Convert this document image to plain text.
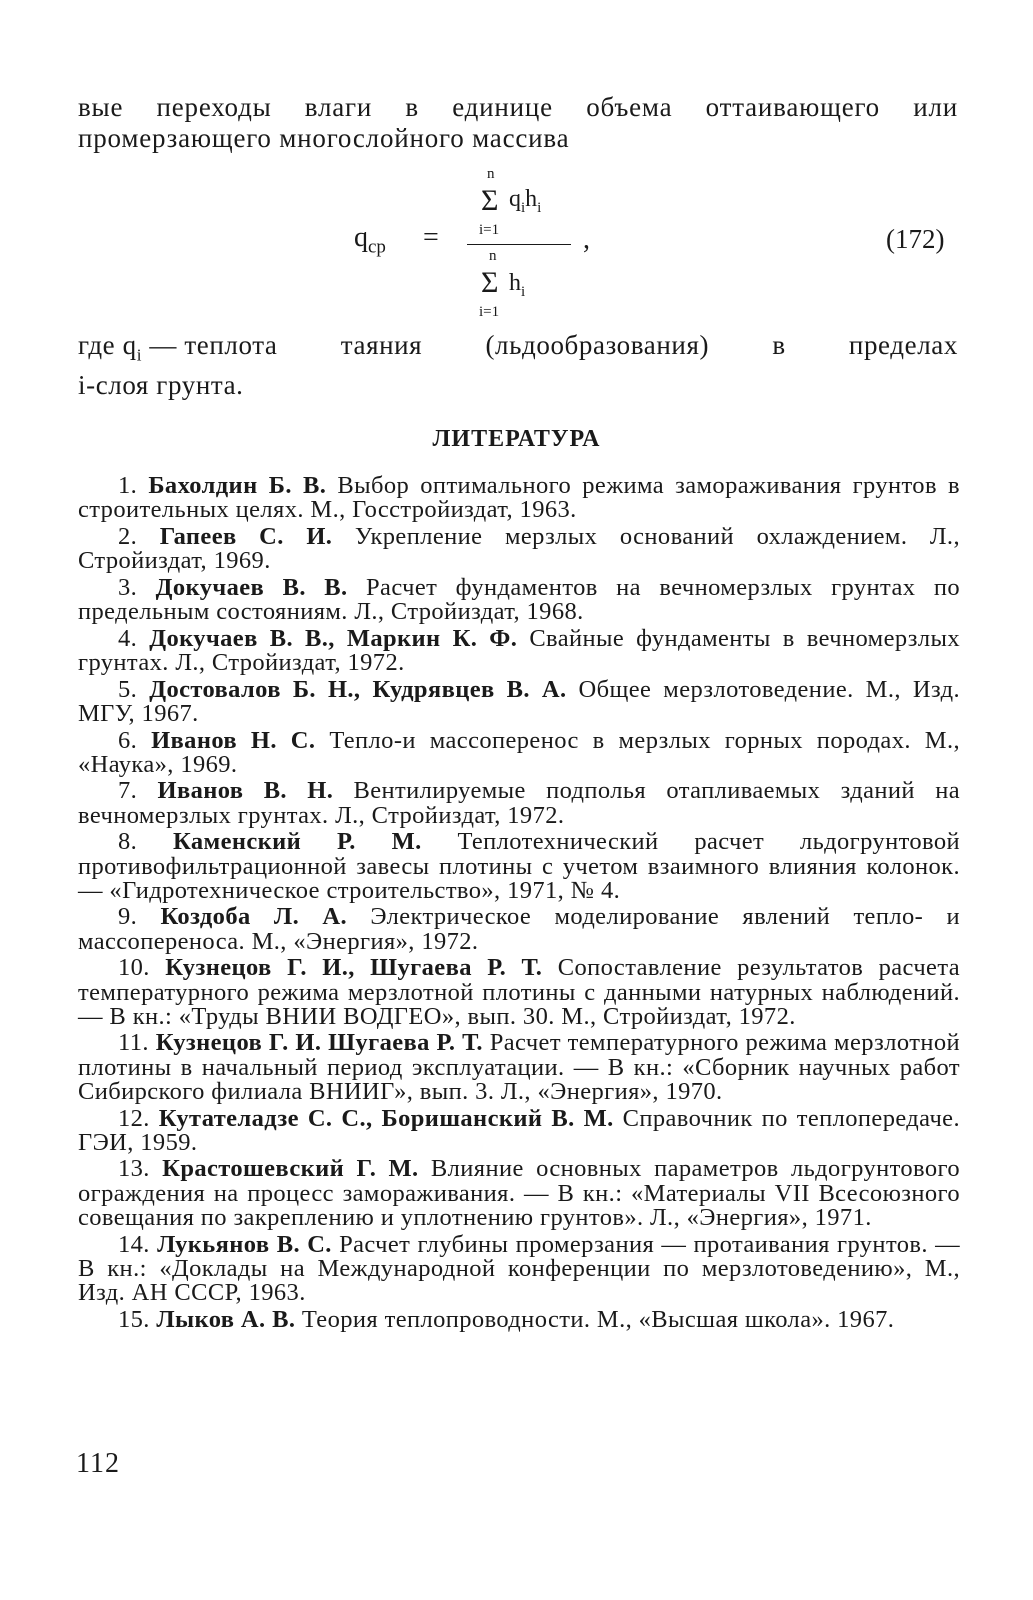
вые переходы влаги в единице объема оттаивающего или промерзающего многослойного массива

$q_{ср}$ =
n
Σ $q_ih_i$
i=1
n
Σ $h_i$
i=1
,	(172)
где $q_i$ — теплота таяния (льдообразования) в пределах
i-слоя грунта.
ЛИТЕРАТУРА

1. Бахолдин Б. В. Выбор оптимального режима замораживания грунтов в строительных целях. М., Госстройиздат, 1963.

2. Гапеев С. И. Укрепление мерзлых оснований охлаждением. Л., Стройиздат, 1969.

3. Докучаев В. В. Расчет фундаментов на вечномерзлых грунтах по предельным состояниям. Л., Стройиздат, 1968.

4. Докучаев В. В., Маркин К. Ф. Свайные фундаменты в вечномерзлых грунтах. Л., Стройиздат, 1972.

5. Достовалов Б. Н., Кудрявцев В. А. Общее мерзлотоведение. М., Изд. МГУ, 1967.

6. Иванов Н. С. Тепло-и массоперенос в мерзлых горных породах. М., «Наука», 1969.

7. Иванов В. Н. Вентилируемые подполья отапливаемых зданий на вечномерзлых грунтах. Л., Стройиздат, 1972.

8. Каменский Р. М. Теплотехнический расчет льдогрунтовой противофильтрационной завесы плотины с учетом взаимного влияния колонок. — «Гидротехническое строительство», 1971, № 4.

9. Коздоба Л. А. Электрическое моделирование явлений тепло- и массопереноса. М., «Энергия», 1972.

10. Кузнецов Г. И., Шугаева Р. Т. Сопоставление результатов расчета температурного режима мерзлотной плотины с данными натурных наблюдений. — В кн.: «Труды ВНИИ ВОДГЕО», вып. 30. М., Стройиздат, 1972.

11. Кузнецов Г. И. Шугаева Р. Т. Расчет температурного режима мерзлотной плотины в начальный период эксплуатации. — В кн.: «Сборник научных работ Сибирского филиала ВНИИГ», вып. 3. Л., «Энергия», 1970.

12. Кутателадзе С. С., Боришанский В. М. Справочник по теплопередаче. ГЭИ, 1959.

13. Крастошевский Г. М. Влияние основных параметров льдогрунтового ограждения на процесс замораживания. — В кн.: «Материалы VII Всесоюзного совещания по закреплению и уплотнению грунтов». Л., «Энергия», 1971.

14. Лукьянов В. С. Расчет глубины промерзания — протаивания грунтов. — В кн.: «Доклады на Международной конференции по мерзлотоведению», М., Изд. АН СССР, 1963.

15. Лыков А. В. Теория теплопроводности. М., «Высшая школа». 1967.

112
